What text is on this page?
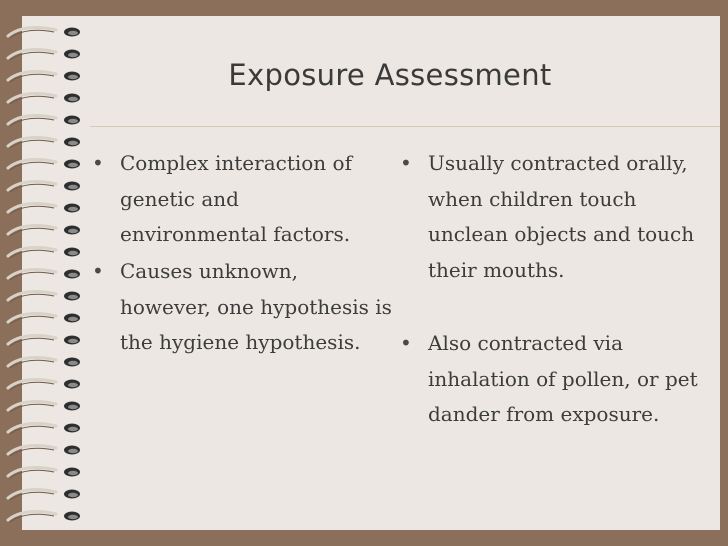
Exposure Assessment
• Complex interaction of genetic and environmental factors.
• Causes unknown, however, one hypothesis is the hygiene hypothesis.
• Usually contracted orally, when children touch unclean objects and touch their mouths.
• Also contracted via inhalation of pollen, or pet dander from exposure.
